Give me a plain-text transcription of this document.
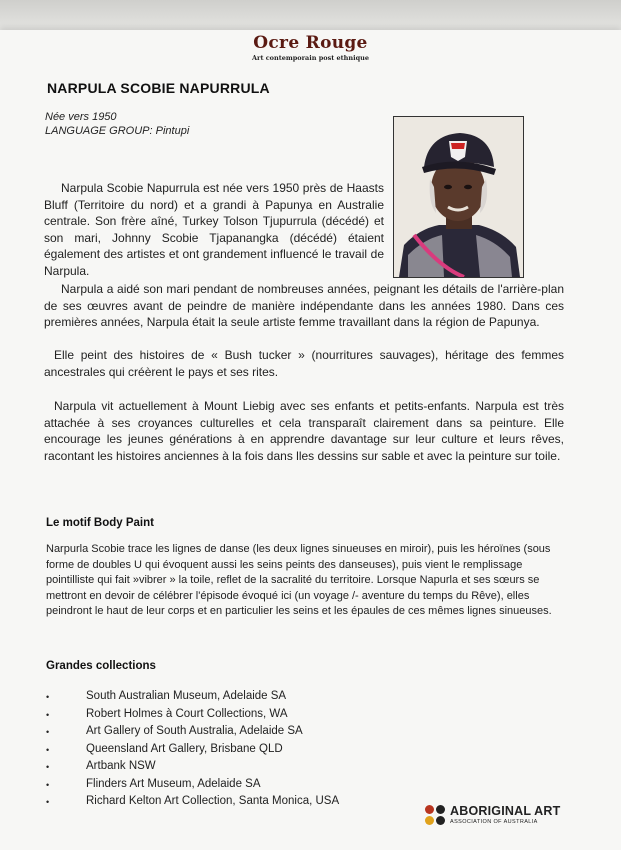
Ocre Rouge
Art contemporain post ethnique
NARPULA SCOBIE NAPURRULA
Née vers 1950
LANGUAGE GROUP: Pintupi
Narpula Scobie Napurrula est née vers 1950 près de Haasts Bluff (Territoire du nord) et a grandi à Papunya en Australie centrale. Son frère aîné, Turkey Tolson Tjupurrula (décédé) et son mari, Johnny Scobie Tjapanangka (décédé) étaient également des artistes et ont grandement influencé le travail de Narpula.
Narpula a aidé son mari pendant de nombreuses années, peignant les détails de l'arrière-plan de ses œuvres avant de peindre de manière indépendante dans les années 1980. Dans ces premières années, Narpula était la seule artiste femme travaillant dans la région de Papunya.
Elle peint des histoires de « Bush tucker » (nourritures sauvages), héritage des femmes ancestrales qui créèrent le pays et ses rites.
Narpula vit actuellement à Mount Liebig avec ses enfants et petits-enfants. Narpula est très attachée à ses croyances culturelles et cela transparaît clairement dans sa peinture. Elle encourage les jeunes générations à en apprendre davantage sur leur culture et leurs rêves, racontant les histoires anciennes à la fois dans lles dessins sur sable et avec la peinture sur toile.
Le motif Body Paint
Narpurla Scobie trace les lignes de danse (les deux lignes sinueuses en miroir), puis les héroïnes (sous forme de doubles U qui évoquent aussi les seins peints des danseuses), puis vient le remplissage pointilliste qui fait »vibrer » la toile, reflet de la sacralité du territoire. Lorsque Napurla et ses sœurs se mettront en devoir de célébrer l'épisode évoqué ici (un voyage /- aventure du temps du Rêve), elles peindront le haut de leur corps et en particulier les seins et les épaules de ces mêmes lignes sinueuses.
Grandes collections
•	South Australian Museum, Adelaide SA
•	Robert Holmes à Court Collections, WA
•	Art Gallery of South Australia, Adelaide SA
•	Queensland Art Gallery, Brisbane QLD
•	Artbank NSW
•	Flinders Art Museum, Adelaide SA
•	Richard Kelton Art Collection, Santa Monica, USA
ABORIGINAL ART
ASSOCIATION OF AUSTRALIA
